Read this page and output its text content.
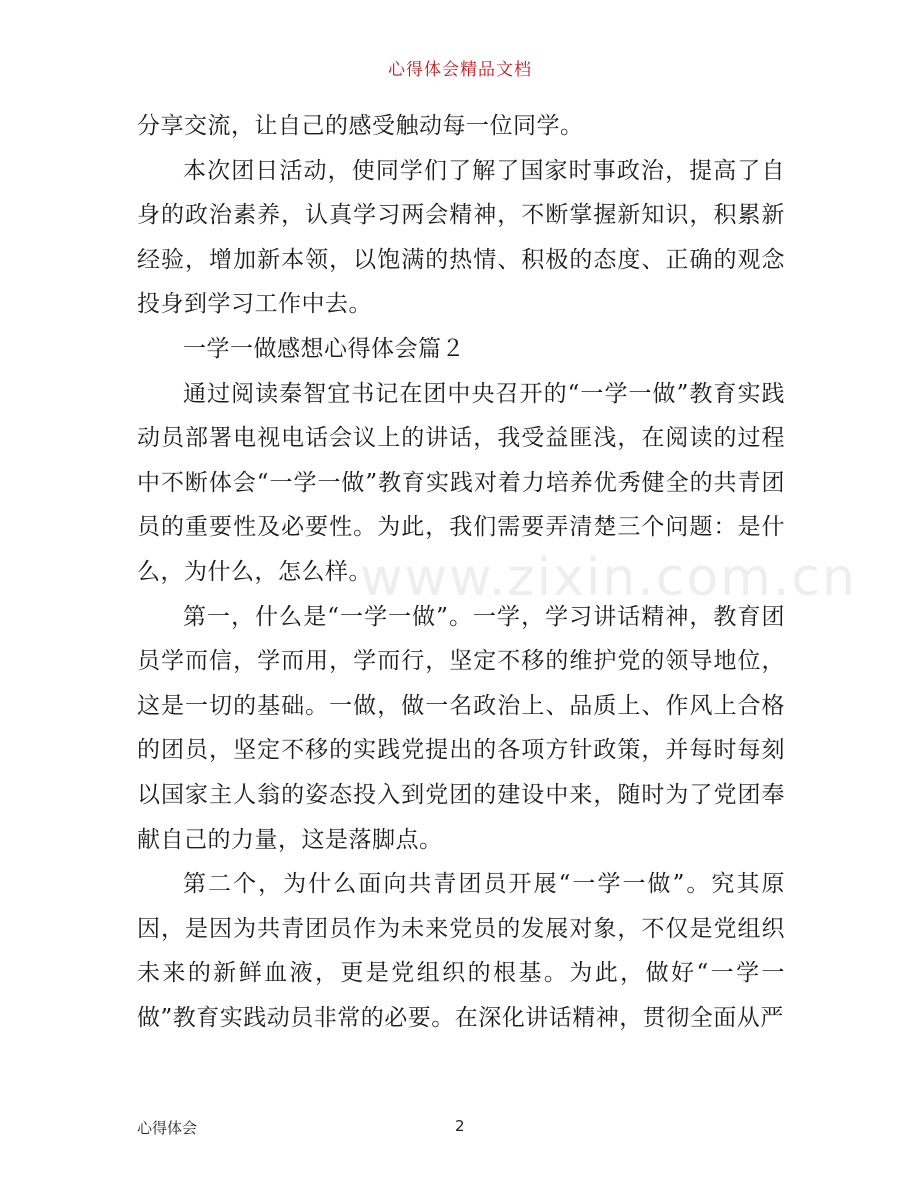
心得体会精品文档

分享交流，让自己的感受触动每一位同学。

本次团日活动，使同学们了解了国家时事政治，提高了自身的政治素养，认真学习两会精神，不断掌握新知识，积累新经验，增加新本领，以饱满的热情、积极的态度、正确的观念投身到学习工作中去。

一学一做感想心得体会篇２

通过阅读秦智宜书记在团中央召开的“一学一做”教育实践动员部署电视电话会议上的讲话，我受益匪浅，在阅读的过程中不断体会“一学一做”教育实践对着力培养优秀健全的共青团员的重要性及必要性。为此，我们需要弄清楚三个问题：是什么，为什么，怎么样。

第一，什么是“一学一做”。一学，学习讲话精神，教育团员学而信，学而用，学而行，坚定不移的维护党的领导地位，这是一切的基础。一做，做一名政治上、品质上、作风上合格的团员，坚定不移的实践党提出的各项方针政策，并每时每刻以国家主人翁的姿态投入到党团的建设中来，随时为了党团奉献自己的力量，这是落脚点。

第二个，为什么面向共青团员开展“一学一做”。究其原因，是因为共青团员作为未来党员的发展对象，不仅是党组织未来的新鲜血液，更是党组织的根基。为此，做好“一学一做”教育实践动员非常的必要。在深化讲话精神，贯彻全面从严

www.zixin.com.cn
心得体会	2
